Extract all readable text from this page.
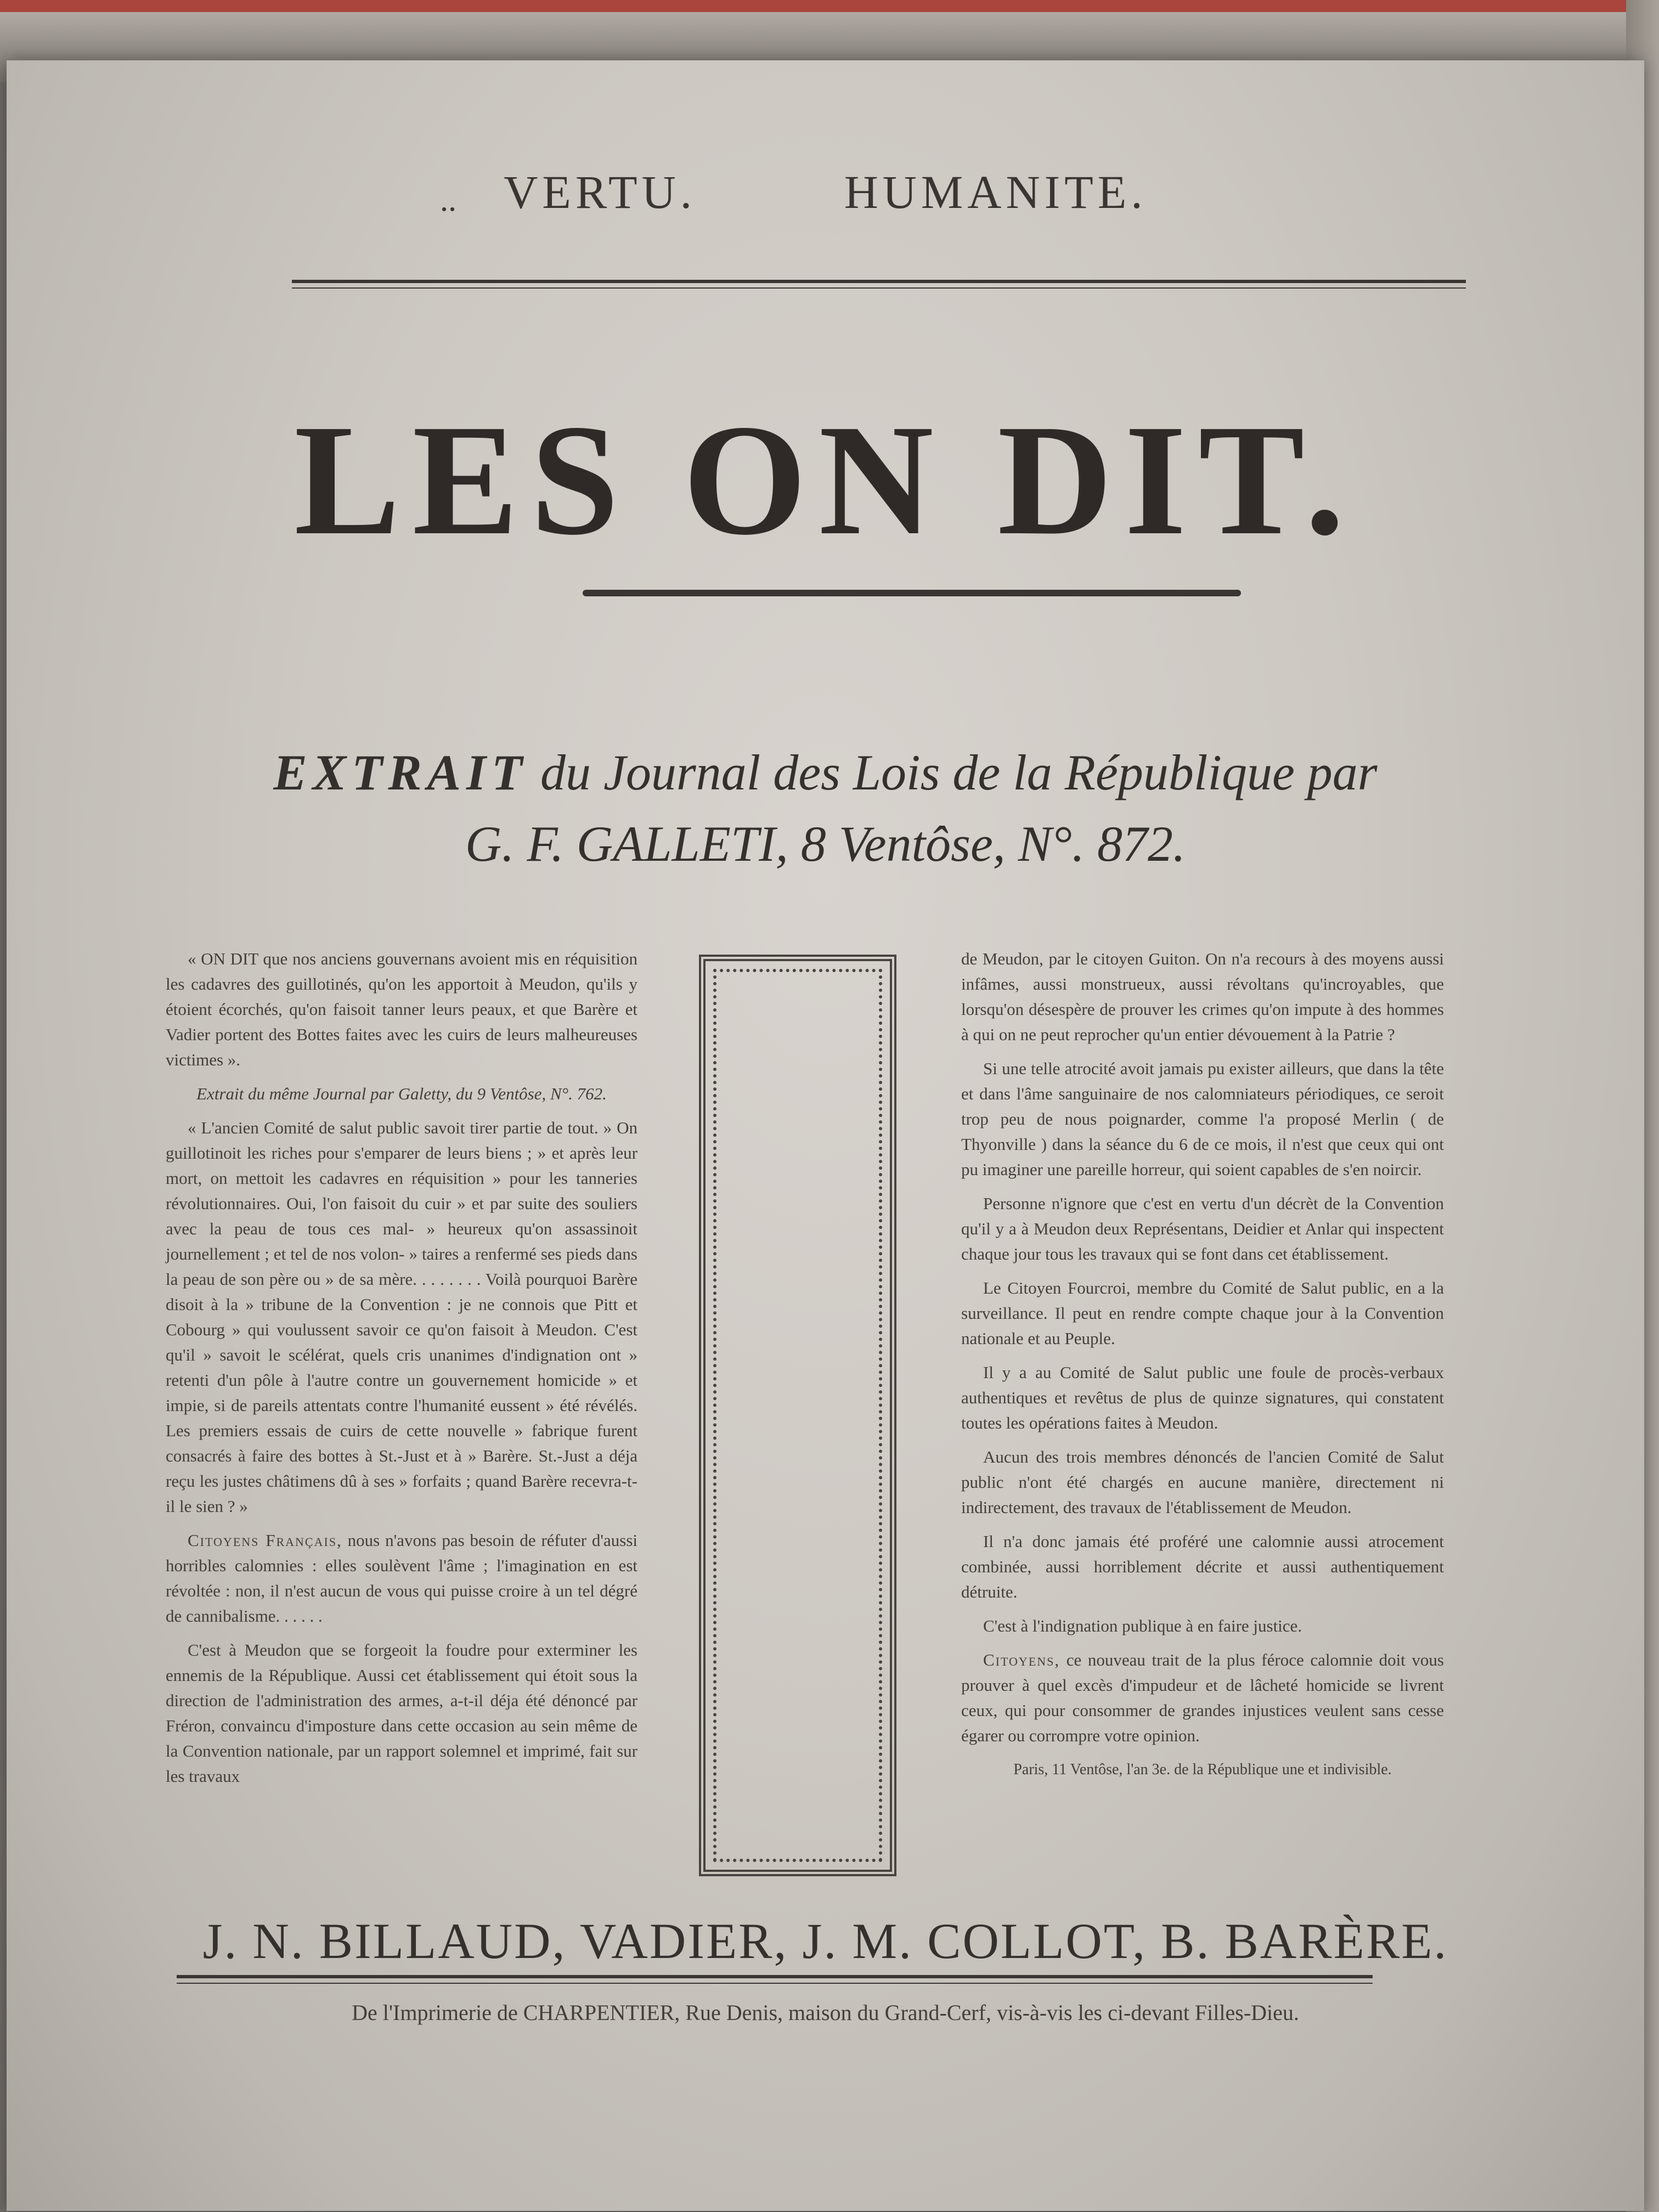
..	VERTU.	HUMANITE.
LES ON DIT.
EXTRAIT du Journal des Lois de la République par
G. F. GALLETI, 8 Ventôse, N°. 872.

« ON DIT que nos anciens gouvernans avoient mis en réquisition les cadavres des guillotinés, qu'on les apportoit à Meudon, qu'ils y étoient écorchés, qu'on faisoit tanner leurs peaux, et que Barère et Vadier portent des Bottes faites avec les cuirs de leurs malheureuses victimes ».

Extrait du même Journal par Galetty, du 9 Ventôse, N°. 762.

« L'ancien Comité de salut public savoit tirer partie de tout. » On guillotinoit les riches pour s'emparer de leurs biens ; » et après leur mort, on mettoit les cadavres en réquisition » pour les tanneries révolutionnaires. Oui, l'on faisoit du cuir » et par suite des souliers avec la peau de tous ces mal- » heureux qu'on assassinoit journellement ; et tel de nos volon- » taires a renfermé ses pieds dans la peau de son père ou » de sa mère. . . . . . . . Voilà pourquoi Barère disoit à la » tribune de la Convention : je ne connois que Pitt et Cobourg » qui voulussent savoir ce qu'on faisoit à Meudon. C'est qu'il » savoit le scélérat, quels cris unanimes d'indignation ont » retenti d'un pôle à l'autre contre un gouvernement homicide » et impie, si de pareils attentats contre l'humanité eussent » été révélés. Les premiers essais de cuirs de cette nouvelle » fabrique furent consacrés à faire des bottes à St.-Just et à » Barère. St.-Just a déja reçu les justes châtimens dû à ses » forfaits ; quand Barère recevra-t-il le sien ? »

Citoyens Français, nous n'avons pas besoin de réfuter d'aussi horribles calomnies : elles soulèvent l'âme ; l'imagination en est révoltée : non, il n'est aucun de vous qui puisse croire à un tel dégré de cannibalisme. . . . . .

C'est à Meudon que se forgeoit la foudre pour exterminer les ennemis de la République. Aussi cet établissement qui étoit sous la direction de l'administration des armes, a-t-il déja été dénoncé par Fréron, convaincu d'imposture dans cette occasion au sein même de la Convention nationale, par un rapport solemnel et imprimé, fait sur les travaux

de Meudon, par le citoyen Guiton. On n'a recours à des moyens aussi infâmes, aussi monstrueux, aussi révoltans qu'incroyables, que lorsqu'on désespère de prouver les crimes qu'on impute à des hommes à qui on ne peut reprocher qu'un entier dévouement à la Patrie ?

Si une telle atrocité avoit jamais pu exister ailleurs, que dans la tête et dans l'âme sanguinaire de nos calomniateurs périodiques, ce seroit trop peu de nous poignarder, comme l'a proposé Merlin ( de Thyonville ) dans la séance du 6 de ce mois, il n'est que ceux qui ont pu imaginer une pareille horreur, qui soient capables de s'en noircir.

Personne n'ignore que c'est en vertu d'un décrèt de la Convention qu'il y a à Meudon deux Représentans, Deidier et Anlar qui inspectent chaque jour tous les travaux qui se font dans cet établissement.

Le Citoyen Fourcroi, membre du Comité de Salut public, en a la surveillance. Il peut en rendre compte chaque jour à la Convention nationale et au Peuple.

Il y a au Comité de Salut public une foule de procès-verbaux authentiques et revêtus de plus de quinze signatures, qui constatent toutes les opérations faites à Meudon.

Aucun des trois membres dénoncés de l'ancien Comité de Salut public n'ont été chargés en aucune manière, directement ni indirectement, des travaux de l'établissement de Meudon.

Il n'a donc jamais été proféré une calomnie aussi atrocement combinée, aussi horriblement décrite et aussi authentiquement détruite.

C'est à l'indignation publique à en faire justice.

Citoyens, ce nouveau trait de la plus féroce calomnie doit vous prouver à quel excès d'impudeur et de lâcheté homicide se livrent ceux, qui pour consommer de grandes injustices veulent sans cesse égarer ou corrompre votre opinion.

Paris, 11 Ventôse, l'an 3e. de la République une et indivisible.

J. N. BILLAUD, VADIER, J. M. COLLOT, B. BARÈRE.
De l'Imprimerie de CHARPENTIER, Rue Denis, maison du Grand-Cerf, vis-à-vis les ci-devant Filles-Dieu.
